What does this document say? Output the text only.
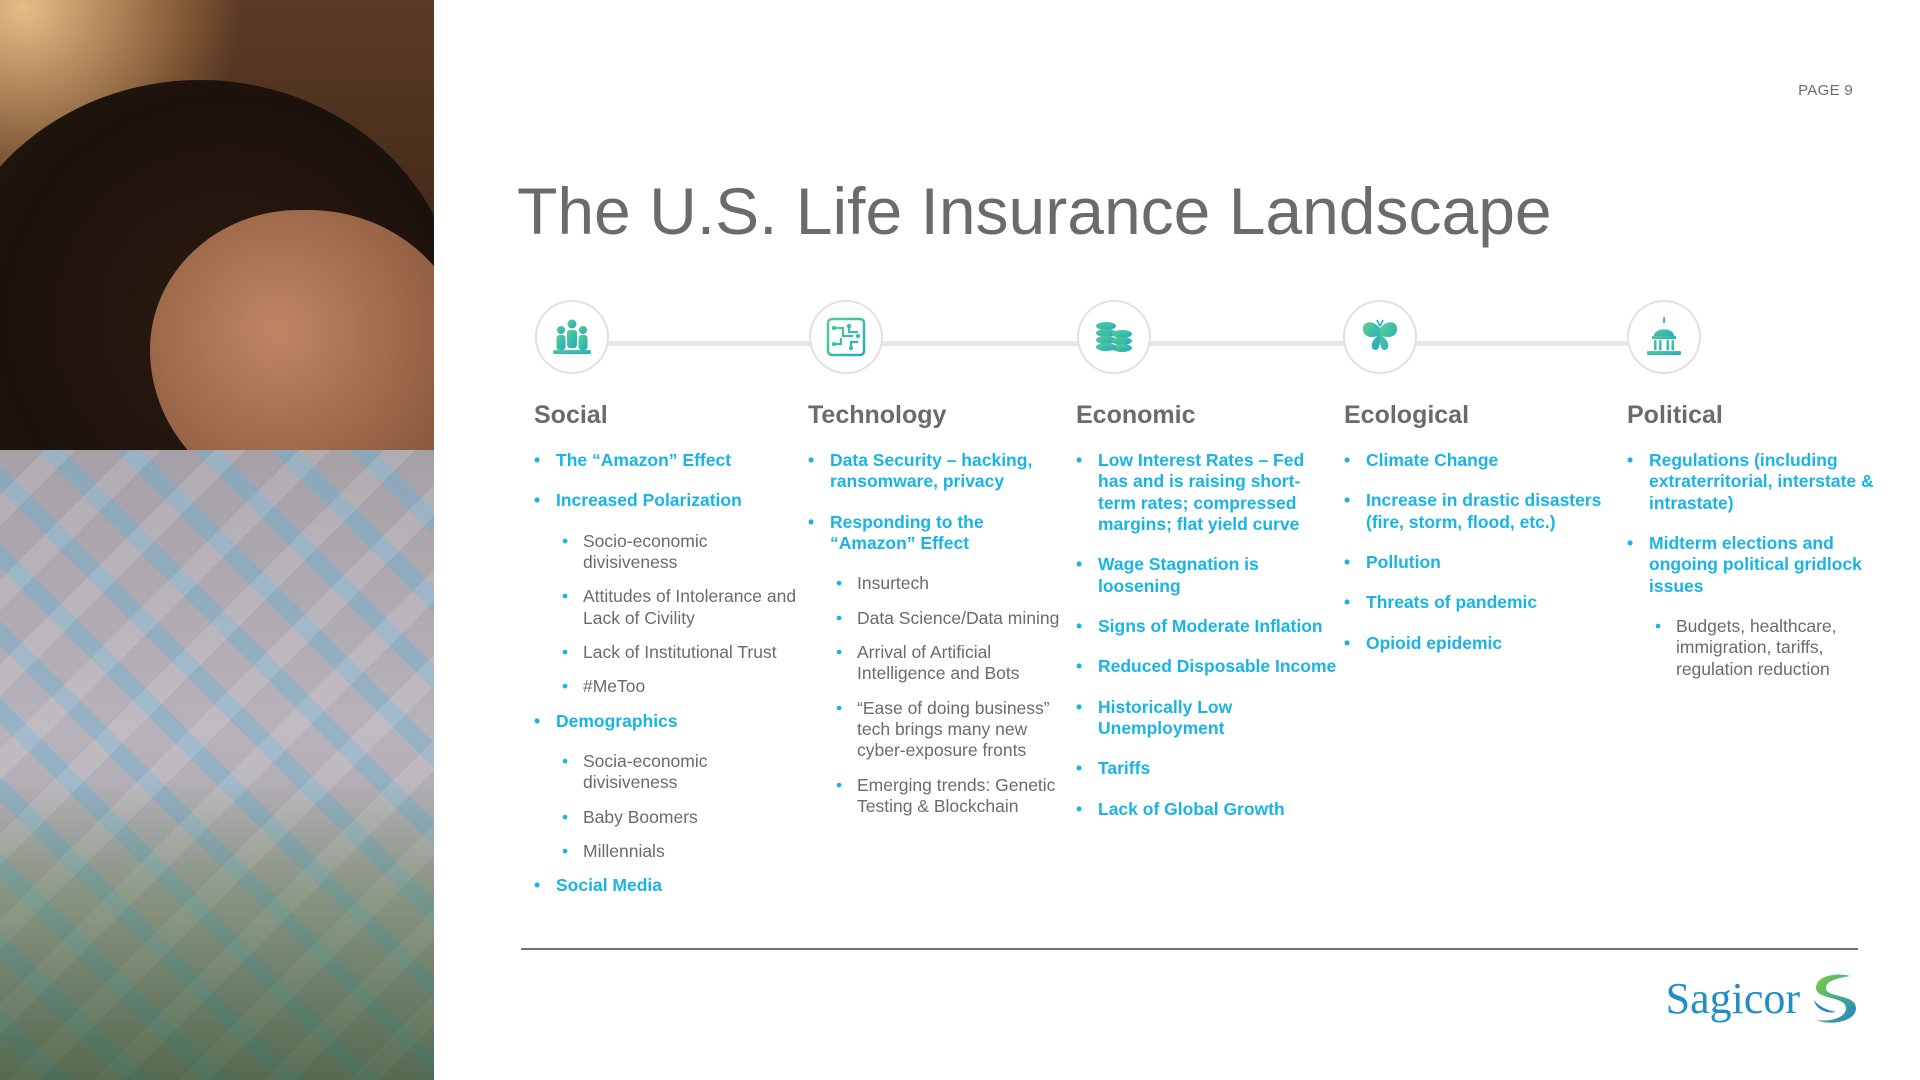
PAGE 9
The U.S. Life Insurance Landscape
Social
• The “Amazon” Effect
• Increased Polarization
• Socio-economic divisiveness
• Attitudes of Intolerance and Lack of Civility
• Lack of Institutional Trust
• #MeToo
• Demographics
• Socia-economic divisiveness
• Baby Boomers
• Millennials
• Social Media
Technology
• Data Security – hacking, ransomware, privacy
• Responding to the “Amazon” Effect
• Insurtech
• Data Science/Data mining
• Arrival of Artificial Intelligence and Bots
• “Ease of doing business” tech brings many new cyber-exposure fronts
• Emerging trends: Genetic Testing & Blockchain
Economic
• Low Interest Rates – Fed has and is raising short-term rates; compressed margins; flat yield curve
• Wage Stagnation is loosening
• Signs of Moderate Inflation
• Reduced Disposable Income
• Historically Low Unemployment
• Tariffs
• Lack of Global Growth
Ecological
• Climate Change
• Increase in drastic disasters (fire, storm, flood, etc.)
• Pollution
• Threats of pandemic
• Opioid epidemic
Political
• Regulations (including extraterritorial, interstate & intrastate)
• Midterm elections and ongoing political gridlock issues
• Budgets, healthcare, immigration, tariffs, regulation reduction
Sagicor
